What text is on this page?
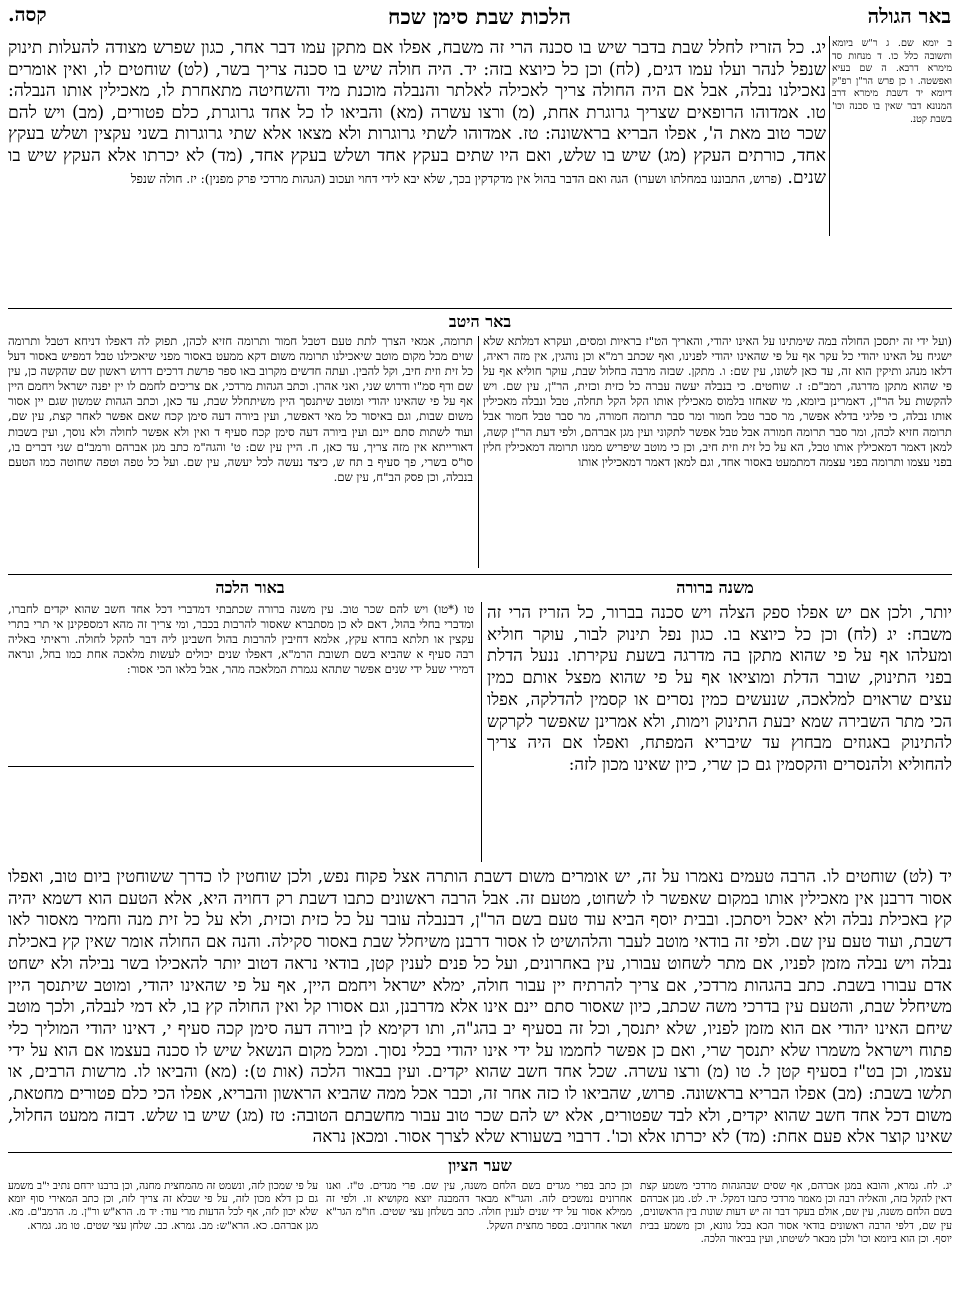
באר הגולה
הלכות שבת סימן שכח
קסה.
יג. כל הזריז לחלל שבת בדבר שיש בו סכנה הרי זה משבח, אפלו אם מתקן עמו דבר אחר, כגון שפרש מצודה להעלות תינוק שנפל לנהר ועלו עמו דגים, (לח) וכן כל כיוצא בזה: יד. היה חולה שיש בו סכנה צריך בשר, (לט) שוחטים לו, ואין אומרים נאכילנו נבלה, אבל אם היה החולה צריך לאכילה לאלתר והנבלה מוכנת מיד והשחיטה מתאחרת לו, מאכילין אותו הנבלה: טו. אמדוהו הרופאים שצריך גרוגרת אחת, (מ) ורצו עשרה (מא) והביאו לו כל אחד גרוגרת, כלם פטורים, (מב) ויש להם שכר טוב מאת ה', אפלו הבריא בראשונה: טז. אמדוהו לשתי גרוגרות ולא מצאו אלא שתי גרוגרות בשני עקצין ושלש בעקץ אחד, כורתים העקץ (מג) שיש בו שלש, ואם היו שתים בעקץ אחד ושלש בעקץ אחד, (מד) לא יכרתו אלא העקץ שיש בו שנים. (פרוש, התבוננו במחלתו ושערו) הגה ואם הדבר בהול אין מדקדקין בכך, שלא יבא לידי דחוי ועכוב (הגהות מרדכי פרק מפנין): יז. חולה שנפל
ב יומא שם. ג ר"ש ביומא ותשובה כלל כו. ד מנחות סד מימרא דרבא. ה שם בעיא ואפשטה. ו כן פרש הר"ן רפ"ק דיומא יד דשבת מימרא דרב המנונא דבר שאין בו סכנה וכו' בשבת קטנ.
באר היטב
(ועל ידי זה יתסכן החולה במה שימתינו על האינו יהודי, והאריך הט"ז בראיות ומסים, ועקרא דמלתא שלא ישגיח על האינו יהודי כל עקר אף על פי שהאינו יהודי לפנינו, ואף שכתב רמ"א וכן נוהגין, אין מזה ראיה, דלאו מנהג ותיקין הוא זה, עד כאן לשונו, עין שם: ו. מתקן. שבזה מרבה בחלול שבת, עוקר חוליא אף על פי שהוא מתקן מדרגה, רמב"ם: ז. שוחטים. כי בנבלה יעשה עברה כל כזית וכזית, הר"ן, עין שם. ויש להקשות על הר"ן, דאמרינן ביומא, מי שאחזו בלמוס מאכילין אותו הקל הקל תחלה, טבל ונבלה מאכילין אותו נבלה, כי פליגי בדלא אפשר, מר סבר טבל חמור ומר סבר תרומה חמורה, מר סבר טבל חמור אבל תרומה חזיא לכהן, ומר סבר תרומה חמורה אבל טבל אפשר לתקוני ועין מגן אברהם, ולפי דעת הר"ן קשה, למאן דאמר דמאכילין אותו טבל, הא על כל זית וזית חיב, וכן כי מוטב שיפריש ממנו תרומה דמאכילין חלין בפני עצמו ותרומה בפני עצמה דמתמעט באסור אחד, וגם למאן דאמר דמאכילין אותו
תרומה, אמאי הצרך לתת טעם דטבל חמור ותרומה חזיא לכהן, תפוק לה דאפלו דניחא דטבל ותרומה שוים מכל מקום מוטב שיאכילנו תרומה משום דקא ממעט באסור מפני שיאכילנו טבל דמפיש באסור דעל כל זית וזית חיב, וקל להבין. ועתה חדשים מקרוב באו ספר פרשת דרכים דרוש ראשון שם שהקשה כן, עין שם ודף סמ"ו ודרוש שני, ואני אהרן. וכתב הגהות מרדכי, אם צריכים לחמם לו יין יפנה ישראל ויחמם היין אף על פי שהאינו יהודי ומוטב שיתנסך היין משיתחלל שבת, עד כאן, וכתב הגהות שמשון שגם יין אסור משום שבות, וגם באיסור כל מאי דאפשר, ועין ביורה דעה סימן קכח שאם אפשר לאחר קצת, עין שם, ועוד לשתות סתם יינם ועין ביורה דעה סימן קכח סעיף ד ואין ולא אפשר לחולה ולא נוסך, ועין בשבות דאורייתא אין מזה צריך, עד כאן, ח. היין עין שם: ט' והגה"מ כתב מגן אברהם ורמב"ם שני דברים בו, סו"ס בשרי, פך סעיף ב תח ש, כיצד נעשה לכל יעשה, עין שם. ועל כל טפה וטפה שחוטה כמו הטעם בנבלה, וכן פסק הב"ח, עין שם.
משנה ברורה
באור הלכה
יותר, ולכן אם יש אפלו ספק הצלה ויש סכנה בברור, כל הזריז הרי זה משבח: יג (לח) וכן כל כיוצא בו. כגון נפל תינוק לבור, עוקר חוליא ומעלהו אף על פי שהוא מתקן בה מדרגה בשעת עקירתו. ננעל הדלת בפני התינוק, שובר הדלת ומוציאו אף על פי שהוא מפצל אותם כמין עצים שראוים למלאכה, שנעשים כמין נסרים או קסמין להדלקה, אפלו הכי מתר השבירה שמא יבעת התינוק וימות, ולא אמרינן שאפשר לקרקש להתינוק באגוזים מבחוץ עד שיבריא המפתח, ואפלו אם היה צריך להחוליא ולהנסרים והקסמין גם כן שרי, כיון שאינו מכון לזה:
טו (*טו) ויש להם שכר טוב. עין משנה ברורה שכתבתי דמדברי דכל אחד חשב שהוא יקדים לחברו, ומדברי בחלי בהול, דאם לא כן מסתברא שאסור להרבות בכבר, ומי צריך זה מהא דמספקינן אי תרי בתרי עקצין או תלתא בחדא עקץ, אלמא דחיבין להרבות בהול חשבינן ליה דבר להקל לחולה. וראיתי באליה רבה סעיף א שהביא בשם תשובת הרמ"א, דאפלו שנים יכולים לעשות מלאכה אחת כמו בחל, ונראה דמירי שעל ידי שנים אפשר שתהא נגמרת המלאכה מהר, אבל בלאו הכי אסור:
יד (לט) שוחטים לו. הרבה טעמים נאמרו על זה, יש אומרים משום דשבת הותרה אצל פקוח נפש, ולכן שוחטין לו כדרך ששוחטין ביום טוב, ואפלו אסור דרבנן אין מאכילין אותו במקום שאפשר לו לשחוט, מטעם זה. אבל הרבה ראשונים כתבו דשבת רק דחויה היא, אלא הטעם הוא דשמא יהיה קץ באכילת נבלה ולא יאכל ויסתכן. ובבית יוסף הביא עוד טעם בשם הר"ן, דבנבלה עובר על כל כזית וכזית, ולא על כל זית מנה וחמיר מאסור לאו דשבת, ועוד טעם עין שם. ולפי זה בודאי מוטב לעבר והלהושיט לו אסור דרבנן משיחלל שבת באסור סקילה. והנה אם החולה אומר שאין קץ באכילת נבלה ויש נבלה מזמן לפניו, אם מתר לשחוט עבורו, עין באחרונים, ועל כל פנים לענין קטן, בודאי נראה דטוב יותר להאכילו בשר נבילה ולא ישחט אדם עבורו בשבת. כתב בהגהות מרדכי, אם צריך להרתיח יין עבור חולה, ימלא ישראל ויחמם היין, אף על פי שהאינו יהודי, ומוטב שיתנסך היין משיחלל שבת, והטעם עין בדרכי משה שכתב, כיון שאסור סתם יינם אינו אלא מדרבנן, וגם אסורו קל ואין החולה קץ בו, לא דמי לנבלה, ולכך מוטב שיחם האינו יהודי אם הוא מזמן לפניו, שלא יתנסך, וכל זה בסעיף יב בהג"ה, ותו דקימא לן ביורה דעה סימן קכה סעיף י, דאינו יהודי המוליך כלי פתוח וישראל משמרו שלא יתנסך שרי, ואם כן אפשר לחממו על ידי אינו יהודי בכלי נסוך. ומכל מקום הנשאל שיש לו סכנה בעצמו אם הוא על ידי עצמו, וכן בט"ז בסעיף קטן ל. טו (מ) ורצו עשרה. שכל אחד חשב שהוא יקדים. ועין בבאור הלכה (אות ט): (מא) והביאו לו. מרשות הרבים, או תלשו בשבת: (מב) אפלו הבריא בראשונה. פרוש, שהביאו לו כזה אחר זה, וכבר אכל ממה שהביא הראשון והבריא, אפלו הכי כלם פטורים מחטאת, משום דכל אחד חשב שהוא יקדים, ולא לבד שפטורים, אלא יש להם שכר טוב עבור מחשבתם הטובה: טז (מג) שיש בו שלש. דבזה ממעט החלול, שאינו קוצר אלא פעם אחת: (מד) לא יכרתו אלא וכו'. דרבוי בשעורא שלא לצרך אסור. ומכאן נראה
שער הציון
יג. לח. גמרא, והובא במגן אברהם, אף שסים שבהגהות מרדכי משמע קצת דאין להקל בזה, והאליה רבה וכן מאמר מרדכי כתבו דמקל. יד. לט. מגן אברהם בשם הלחם משנה, עין שם, אולם בעקר דבר זה יש דעות שונות בין הראשונים, עין שם, דלפי הרבה ראשונים בודאי אסור הכא בכל גוונא, וכן משמע בבית יוסף. וכן הוא ביומא וכו' ולכן מבאר לשיטתו, ועין בביאור הלכה.
וכן כתב בפרי מגדים בשם הלחם משנה, עין שם. פרי מגדים. ט"ז. ואנו אחרונים נמשכים לזה. והגר"א מבאר דהמבנה יוצא מקושיא זו. ולפי זה ממילא אסור על ידי שנים לענין חולה. כתב בשלחן עצי שטים. חו"מ הגר"א ושאר אחרונים. בספר מחצית השקל.
על פי שמכון לזה, ונשמט זה מהמחצית מחנה, וכן ברבנו ירחם נתיב י"ב משמע גם כן דלא מכון לזה, על פי שבלא זה צריך לזה, וכן כתב המאירי סוף יומא שלא יכון לזה, אף לכל הדעות מרי עוד: יד מ. הרא"ש ור"ן. מ. הרמב"ם. מא. מגן אברהם. כא. הרא"ש: מב. גמרא. כב. שלחן עצי שטים. טו מג. גמרא.
